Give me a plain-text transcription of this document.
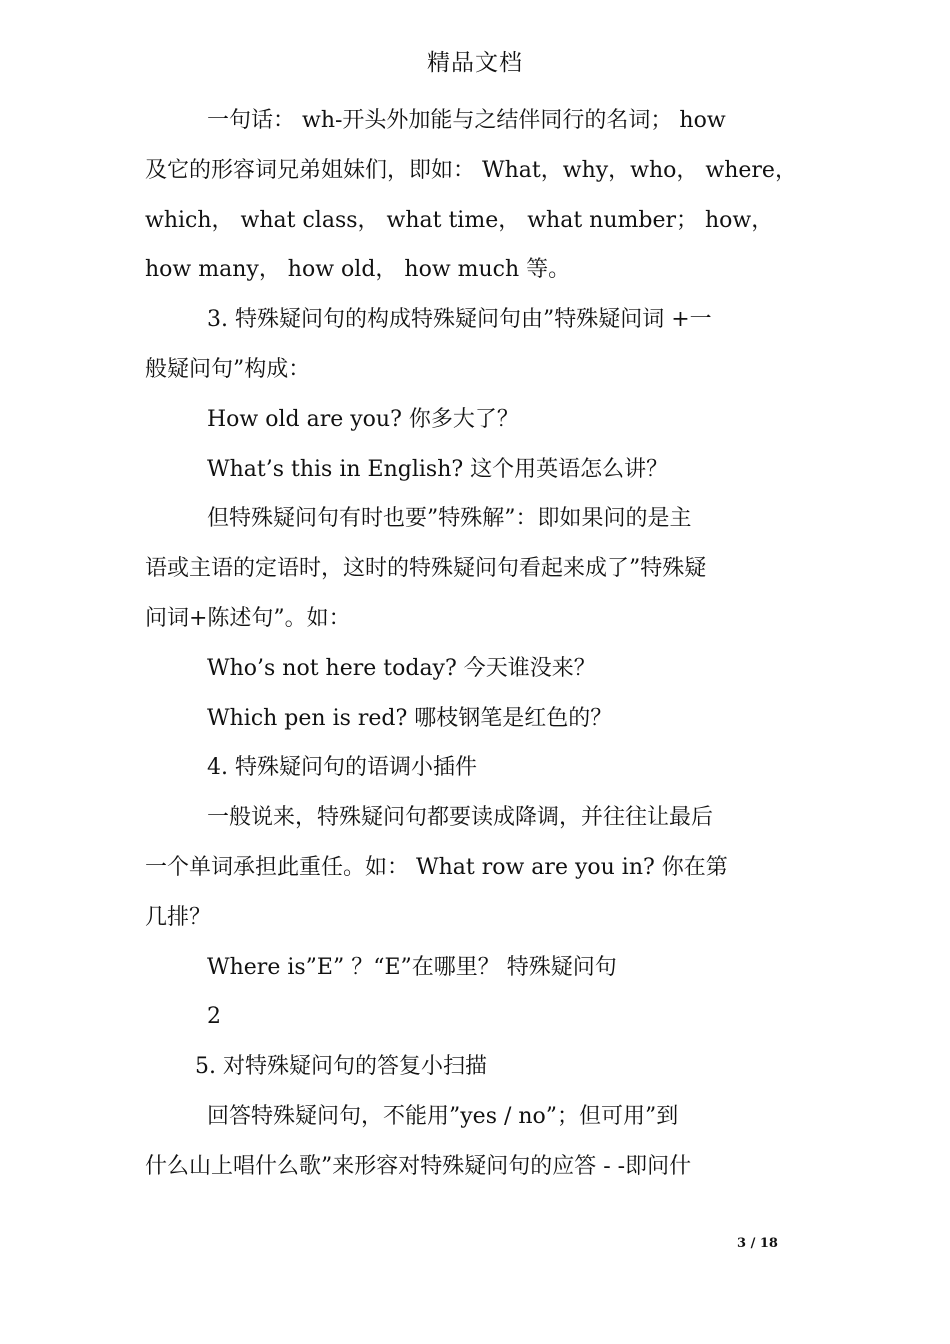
精品文档
一句话： wh-开头外加能与之结伴同行的名词； how
及它的形容词兄弟姐妹们，即如： What，why，who， where，
which， what class， what time， what number； how，
how many， how old， how much 等。
3. 特殊疑问句的构成特殊疑问句由”特殊疑问词 +一
般疑问句”构成：
How old are you? 你多大了？
What’s this in English? 这个用英语怎么讲？
但特殊疑问句有时也要”特殊解”：即如果问的是主
语或主语的定语时，这时的特殊疑问句看起来成了”特殊疑
问词+陈述句”。如：
Who’s not here today? 今天谁没来？
Which pen is red? 哪枝钢笔是红色的？
4. 特殊疑问句的语调小插件
一般说来，特殊疑问句都要读成降调，并往往让最后
一个单词承担此重任。如： What row are you in? 你在第
几排？
Where is”E” ？“E”在哪里？ 特殊疑问句
2
5. 对特殊疑问句的答复小扫描
回答特殊疑问句，不能用”yes / no”；但可用”到
什么山上唱什么歌”来形容对特殊疑问句的应答 - -即问什
3 / 18
